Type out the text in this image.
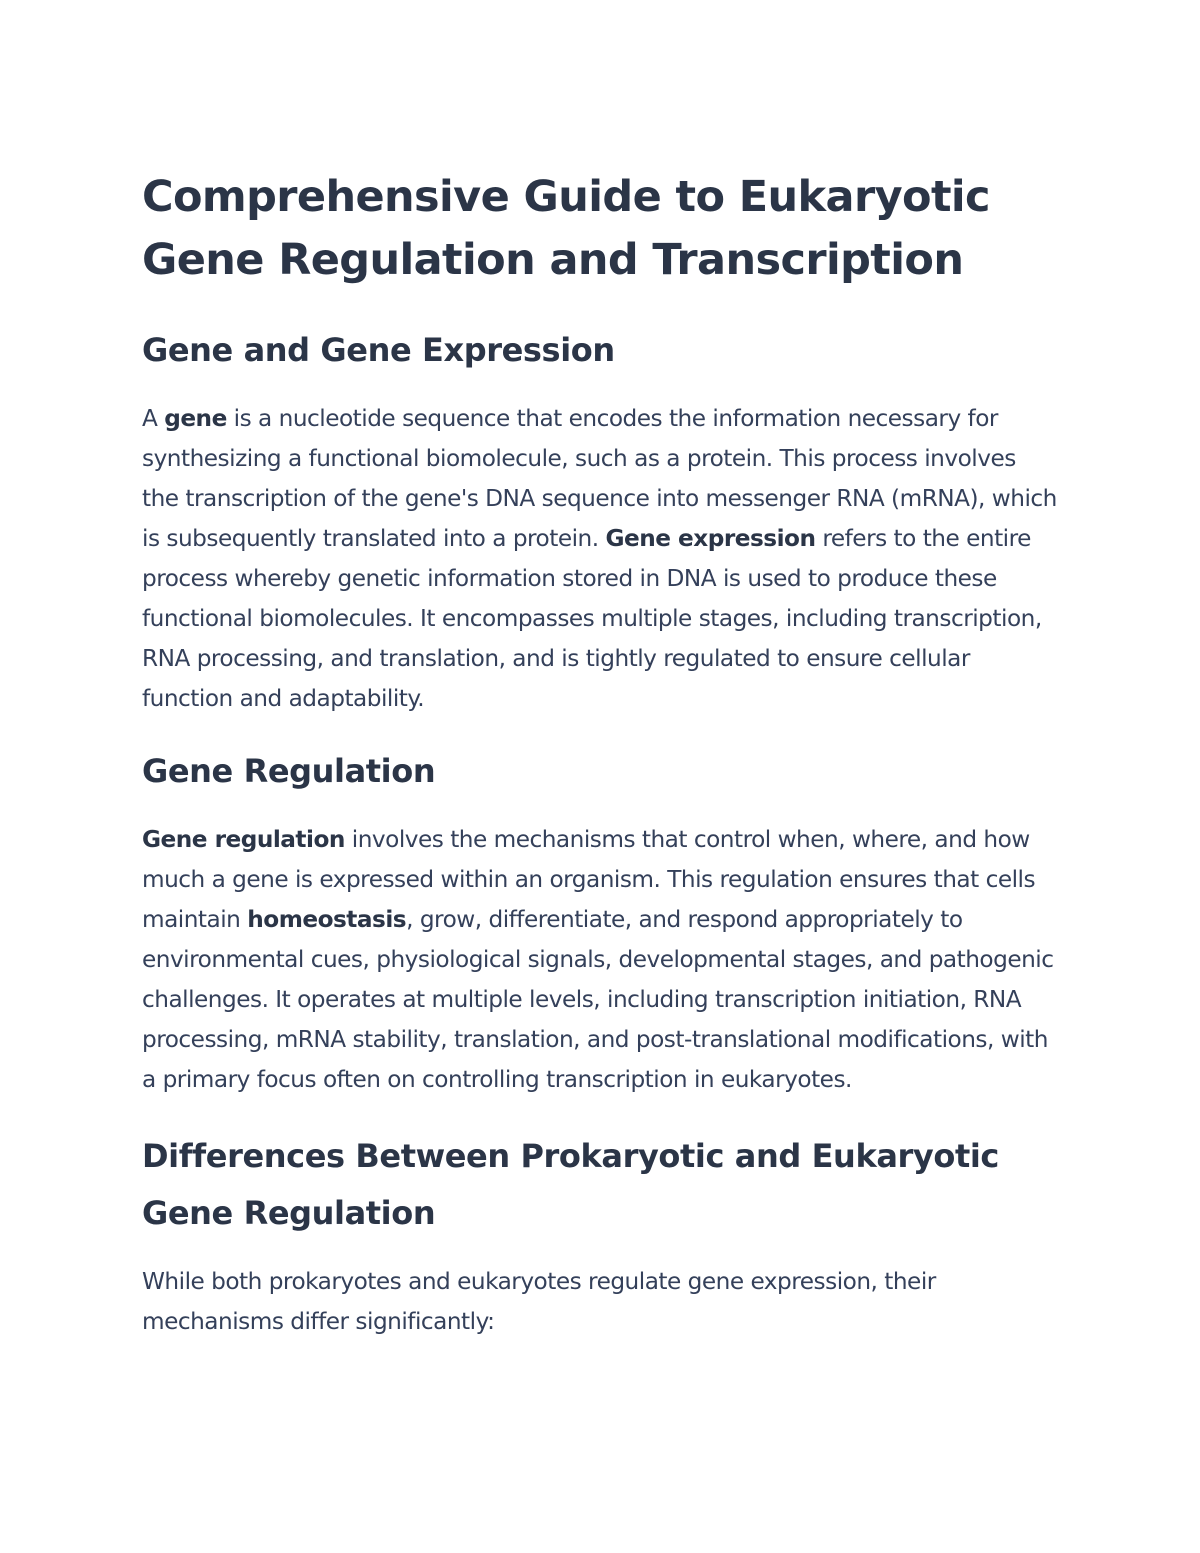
Comprehensive Guide to Eukaryotic Gene Regulation and Transcription
Gene and Gene Expression

A gene is a nucleotide sequence that encodes the information necessary for synthesizing a functional biomolecule, such as a protein. This process involves the transcription of the gene's DNA sequence into messenger RNA (mRNA), which is subsequently translated into a protein. Gene expression refers to the entire process whereby genetic information stored in DNA is used to produce these functional biomolecules. It encompasses multiple stages, including transcription, RNA processing, and translation, and is tightly regulated to ensure cellular function and adaptability.

Gene Regulation

Gene regulation involves the mechanisms that control when, where, and how much a gene is expressed within an organism. This regulation ensures that cells maintain homeostasis, grow, differentiate, and respond appropriately to environmental cues, physiological signals, developmental stages, and pathogenic challenges. It operates at multiple levels, including transcription initiation, RNA processing, mRNA stability, translation, and post-translational modifications, with a primary focus often on controlling transcription in eukaryotes.

Differences Between Prokaryotic and Eukaryotic Gene Regulation

While both prokaryotes and eukaryotes regulate gene expression, their mechanisms differ significantly:
